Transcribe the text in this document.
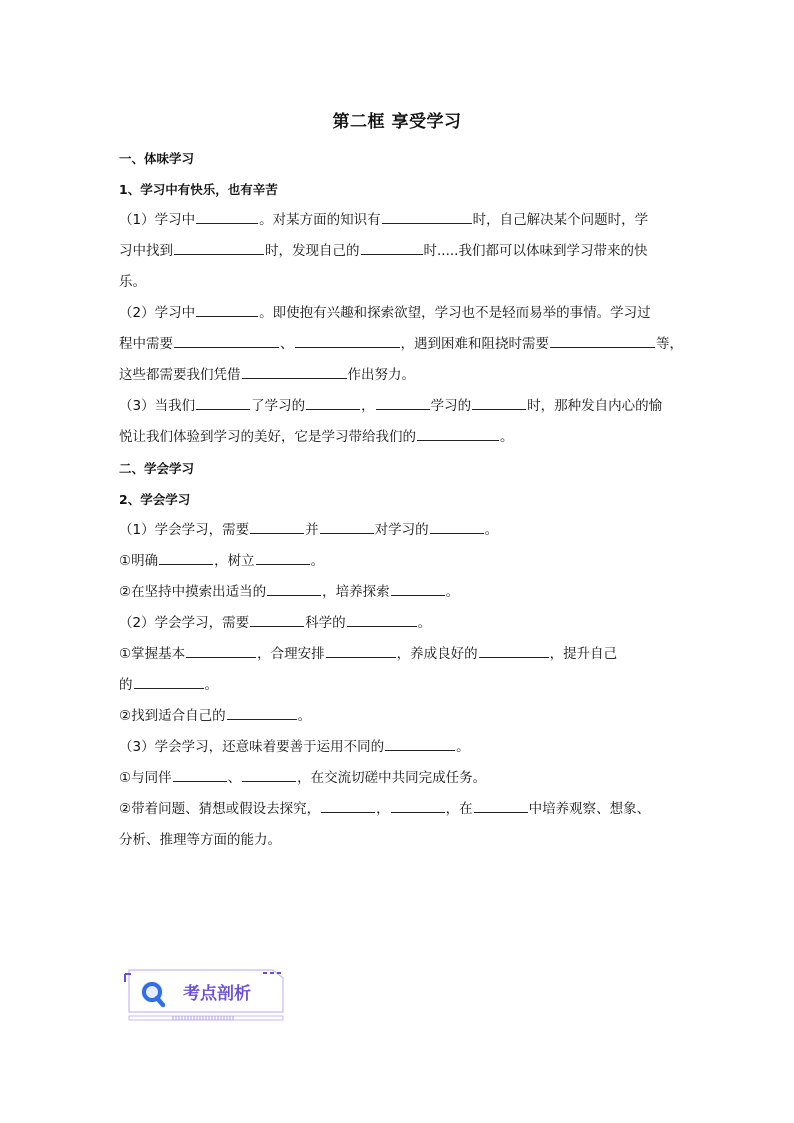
第二框 享受学习
一、体味学习
1、学习中有快乐，也有辛苦
（1）学习中	。对某方面的知识有	时，自己解决某个问题时，学
习中找到	时，发现自己的	时.....我们都可以体味到学习带来的快
乐。
（2）学习中	。即使抱有兴趣和探索欲望，学习也不是轻而易举的事情。学习过
程中需要	、	，遇到困难和阻挠时需要	等，
这些都需要我们凭借	作出努力。
（3）当我们	了学习的	，	学习的	时，那种发自内心的愉
悦让我们体验到学习的美好，它是学习带给我们的	。
二、学会学习
2、学会学习
（1）学会学习，需要	并	对学习的	。
①明确	，树立	。
②在坚持中摸索出适当的	，培养探索	。
（2）学会学习，需要	科学的	。
①掌握基本	，合理安排	，养成良好的	，提升自己
的	。
②找到适合自己的	。
（3）学会学习，还意味着要善于运用不同的	。
①与同伴	、	，在交流切磋中共同完成任务。
②带着问题、猜想或假设去探究，	，	，在	中培养观察、想象、
分析、推理等方面的能力。
考点剖析
